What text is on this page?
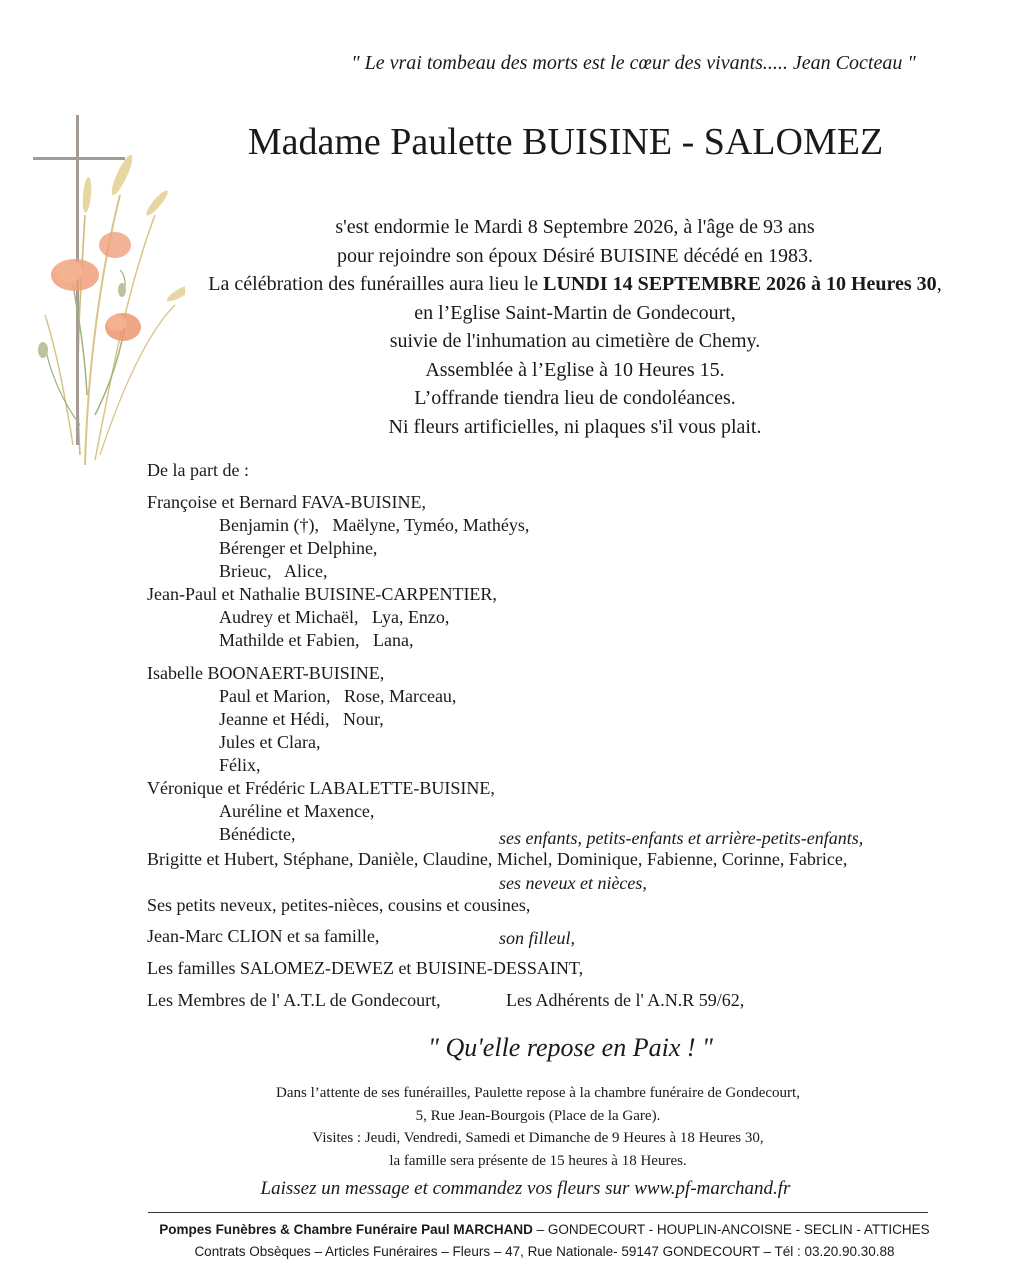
" Le vrai tombeau des morts est le cœur des vivants..... Jean Cocteau "
Madame Paulette BUISINE - SALOMEZ
s'est endormie le Mardi 8 Septembre 2026, à l'âge de 93 ans
pour rejoindre son époux Désiré BUISINE décédé en 1983.
La célébration des funérailles aura lieu le LUNDI 14 SEPTEMBRE 2026 à 10 Heures 30,
en l’Eglise Saint-Martin de Gondecourt,
suivie de l'inhumation au cimetière de Chemy.
Assemblée à l’Eglise à 10 Heures 15.
L’offrande tiendra lieu de condoléances.
Ni fleurs artificielles, ni plaques s'il vous plait.
De la part de :
Françoise et Bernard FAVA-BUISINE,
Benjamin (†),   Maëlyne, Tyméo, Mathéys,
Bérenger et Delphine,
Brieuc,   Alice,
Jean-Paul et Nathalie BUISINE-CARPENTIER,
Audrey et Michaël,   Lya, Enzo,
Mathilde et Fabien,   Lana,
Isabelle BOONAERT-BUISINE,
Paul et Marion,   Rose, Marceau,
Jeanne et Hédi,   Nour,
Jules et Clara,
Félix,
Véronique et Frédéric LABALETTE-BUISINE,
Auréline et Maxence,
Bénédicte,	ses enfants, petits-enfants et arrière-petits-enfants,
Brigitte et Hubert, Stéphane, Danièle, Claudine, Michel, Dominique, Fabienne, Corinne, Fabrice,
ses neveux et nièces,
Ses petits neveux, petites-nièces, cousins et cousines,
Jean-Marc CLION et sa famille,	son filleul,
Les familles SALOMEZ-DEWEZ et BUISINE-DESSAINT,
Les Membres de l' A.T.L de Gondecourt,	Les Adhérents de l' A.N.R 59/62,
" Qu'elle repose en Paix ! "
Dans l’attente de ses funérailles, Paulette repose à la chambre funéraire de Gondecourt,
5, Rue Jean-Bourgois (Place de la Gare).
Visites : Jeudi, Vendredi, Samedi et Dimanche de 9 Heures à 18 Heures 30,
la famille sera présente de 15 heures à 18 Heures.
Laissez un message et commandez vos fleurs sur www.pf-marchand.fr
Pompes Funèbres & Chambre Funéraire Paul MARCHAND – GONDECOURT - HOUPLIN-ANCOISNE - SECLIN - ATTICHES
Contrats Obsèques – Articles Funéraires – Fleurs – 47, Rue Nationale- 59147 GONDECOURT – Tél : 03.20.90.30.88
